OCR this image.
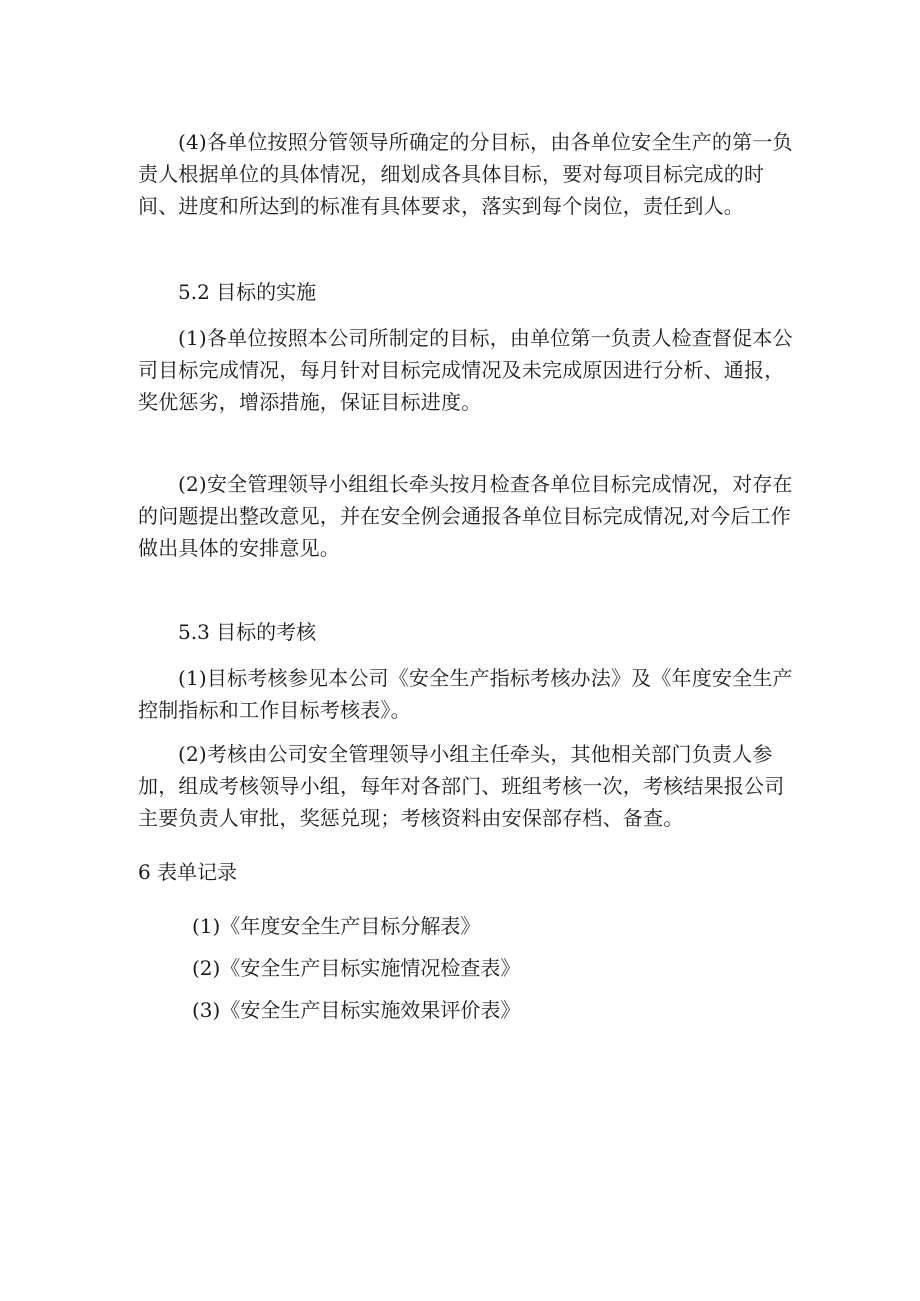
(4)各单位按照分管领导所确定的分目标，由各单位安全生产的第一负责人根据单位的具体情况，细划成各具体目标，要对每项目标完成的时间、进度和所达到的标准有具体要求，落实到每个岗位，责任到人。

5.2 目标的实施

(1)各单位按照本公司所制定的目标，由单位第一负责人检查督促本公司目标完成情况，每月针对目标完成情况及未完成原因进行分析、通报，奖优惩劣，增添措施，保证目标进度。

(2)安全管理领导小组组长牵头按月检查各单位目标完成情况，对存在的问题提出整改意见，并在安全例会通报各单位目标完成情况,对今后工作做出具体的安排意见。

5.3 目标的考核

(1)目标考核参见本公司《安全生产指标考核办法》及《年度安全生产控制指标和工作目标考核表》。

(2)考核由公司安全管理领导小组主任牵头，其他相关部门负责人参加，组成考核领导小组，每年对各部门、班组考核一次，考核结果报公司主要负责人审批，奖惩兑现；考核资料由安保部存档、备查。

6 表单记录

(1)《年度安全生产目标分解表》

(2)《安全生产目标实施情况检查表》

(3)《安全生产目标实施效果评价表》
